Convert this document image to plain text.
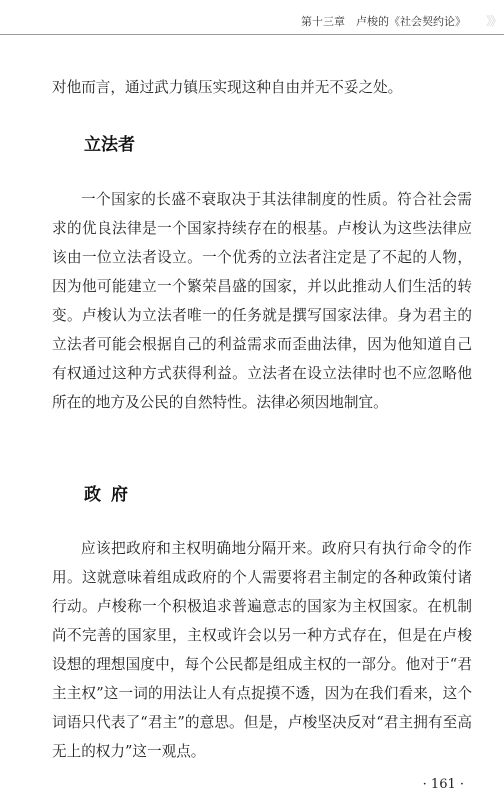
第十三章　卢梭的《社会契约论》 》》

对他而言，通过武力镇压实现这种自由并无不妥之处。

立法者

一个国家的长盛不衰取决于其法律制度的性质。符合社会需求的优良法律是一个国家持续存在的根基。卢梭认为这些法律应该由一位立法者设立。一个优秀的立法者注定是了不起的人物，因为他可能建立一个繁荣昌盛的国家，并以此推动人们生活的转变。卢梭认为立法者唯一的任务就是撰写国家法律。身为君主的立法者可能会根据自己的利益需求而歪曲法律，因为他知道自己有权通过这种方式获得利益。立法者在设立法律时也不应忽略他所在的地方及公民的自然特性。法律必须因地制宜。

政府

应该把政府和主权明确地分隔开来。政府只有执行命令的作用。这就意味着组成政府的个人需要将君主制定的各种政策付诸行动。卢梭称一个积极追求普遍意志的国家为主权国家。在机制尚不完善的国家里，主权或许会以另一种方式存在，但是在卢梭设想的理想国度中，每个公民都是组成主权的一部分。他对于“君主主权”这一词的用法让人有点捉摸不透，因为在我们看来，这个词语只代表了“君主”的意思。但是，卢梭坚决反对“君主拥有至高无上的权力”这一观点。

· 161 ·
